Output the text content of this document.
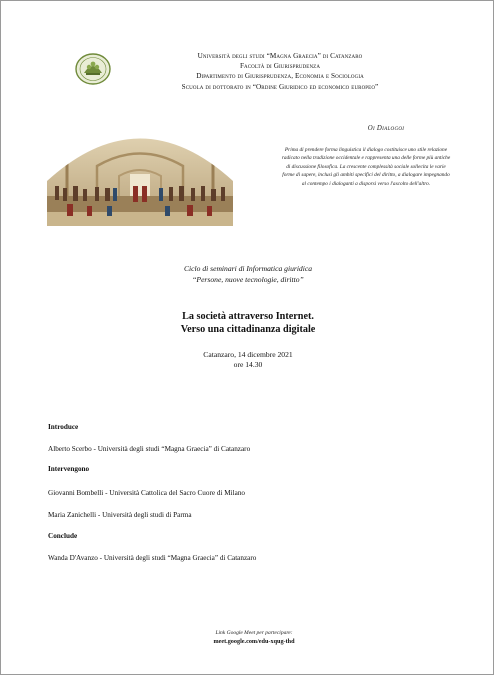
Università degli studi “Magna Graecia” di Catanzaro
Facoltà di Giurisprudenza
Dipartimento di Giurisprudenza, Economia e Sociologia
Scuola di dottorato in “Ordine Giuridico ed economico europeo”
Oi Dialogoi
Prima di prendere forma linguistica il dialogo costituisce uno stile relazione radicato nella tradizione occidentale e rappresenta una delle forme più antiche di discussione filosofica. La crescente complessità sociale sollecita le varie forme di sapere, inclusi gli ambiti specifici del diritto, a dialogare impegnando al contempo i dialoganti a disporsi verso l'ascolto dell'altro.
Ciclo di seminari di Informatica giuridica
“Persone, nuove tecnologie, diritto”
La società attraverso Internet.
Verso una cittadinanza digitale
Catanzaro, 14 dicembre 2021
ore 14.30
Introduce
Alberto Scerbo - Università degli studi “Magna Graecia” di Catanzaro
Intervengono
Giovanni Bombelli - Università Cattolica del Sacro Cuore di Milano
Maria Zanichelli - Università degli studi di Parma
Conclude
Wanda D'Avanzo - Università degli studi “Magna Graecia” di Catanzaro
Link Google Meet per partecipare:
meet.google.com/edu-xqug-thd
